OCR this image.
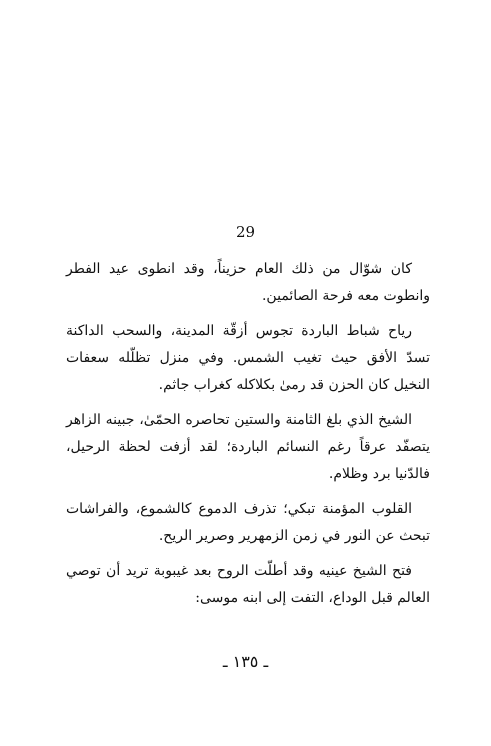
29

كان شوّال من ذلك العام حزيناً، وقد انطوى عيد الفطر وانطوت معه فرحة الصائمين.

رياح شباط الباردة تجوس أزقّة المدينة، والسحب الداكنة تسدّ الأفق حيث تغيب الشمس. وفي منزل تظلّله سعفات النخيل كان الحزن قد رمىٰ بكلاكله كغراب جاثم.

الشيخ الذي بلغ الثامنة والستين تحاصره الحمّىٰ، جبينه الزاهر يتصفّد عرقاً رغم النسائم الباردة؛ لقد أزفت لحظة الرحيل، فالدّنيا برد وظلام.

القلوب المؤمنة تبكي؛ تذرف الدموع كالشموع، والفراشات تبحث عن النور في زمن الزمهرير وصرير الريح.

فتح الشيخ عينيه وقد أطلّت الروح بعد غيبوبة تريد أن توصي العالم قبل الوداع، التفت إلى ابنه موسى:

ـ ١٣٥ ـ
